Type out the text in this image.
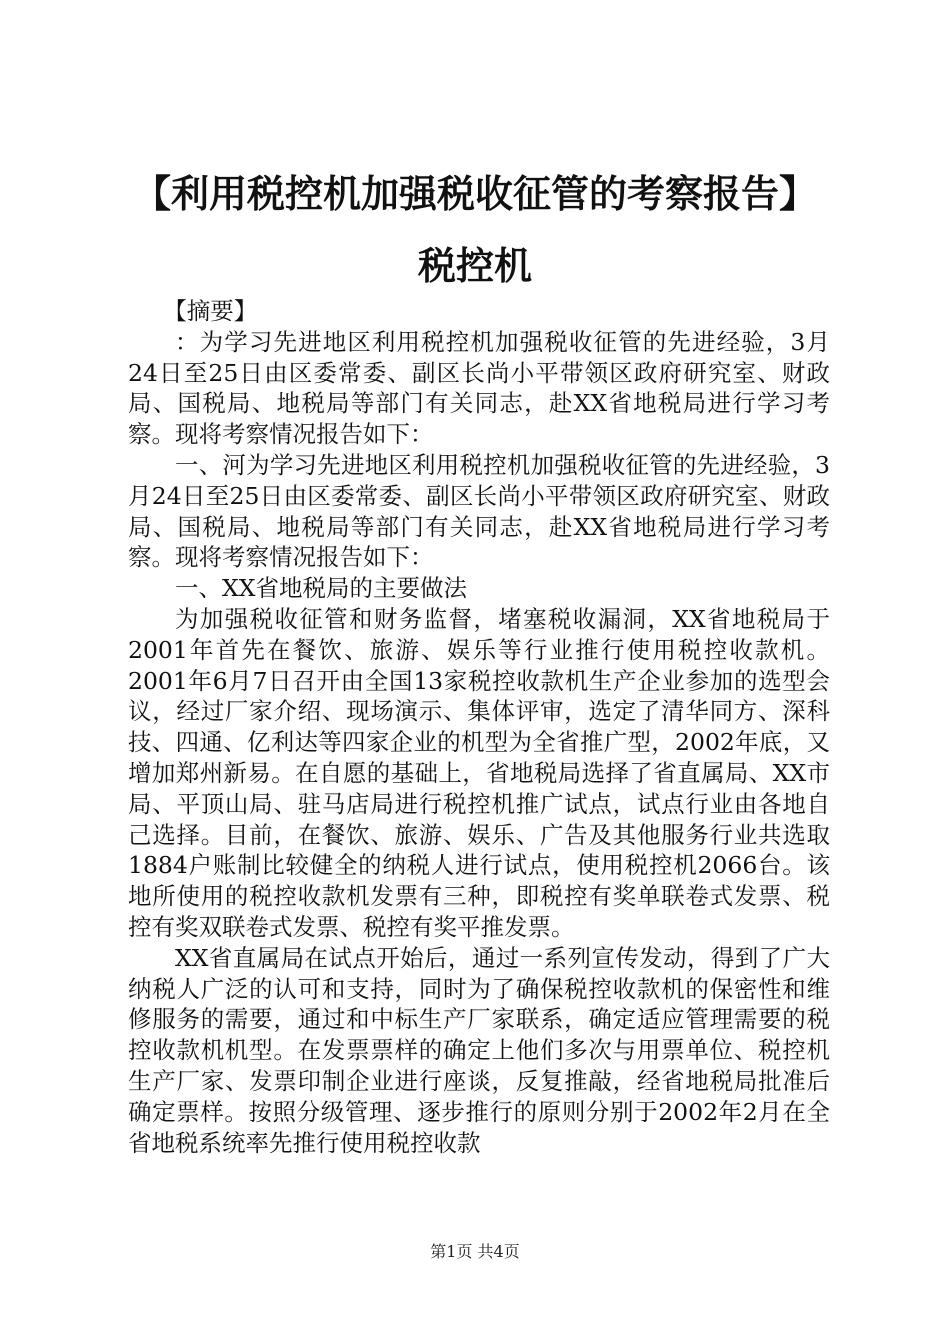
【利用税控机加强税收征管的考察报告】税控机

【摘要】

：为学习先进地区利用税控机加强税收征管的先进经验，3月24日至25日由区委常委、副区长尚小平带领区政府研究室、财政局、国税局、地税局等部门有关同志，赴XX省地税局进行学习考察。现将考察情况报告如下：

一、河为学习先进地区利用税控机加强税收征管的先进经验，3月24日至25日由区委常委、副区长尚小平带领区政府研究室、财政局、国税局、地税局等部门有关同志，赴XX省地税局进行学习考察。现将考察情况报告如下：

一、XX省地税局的主要做法

为加强税收征管和财务监督，堵塞税收漏洞，XX省地税局于2001年首先在餐饮、旅游、娱乐等行业推行使用税控收款机。2001年6月7日召开由全国13家税控收款机生产企业参加的选型会议，经过厂家介绍、现场演示、集体评审，选定了清华同方、深科技、四通、亿利达等四家企业的机型为全省推广型，2002年底，又增加郑州新易。在自愿的基础上，省地税局选择了省直属局、XX市局、平顶山局、驻马店局进行税控机推广试点，试点行业由各地自己选择。目前，在餐饮、旅游、娱乐、广告及其他服务行业共选取1884户账制比较健全的纳税人进行试点，使用税控机2066台。该地所使用的税控收款机发票有三种，即税控有奖单联卷式发票、税控有奖双联卷式发票、税控有奖平推发票。

XX省直属局在试点开始后，通过一系列宣传发动，得到了广大纳税人广泛的认可和支持，同时为了确保税控收款机的保密性和维修服务的需要，通过和中标生产厂家联系，确定适应管理需要的税控收款机机型。在发票票样的确定上他们多次与用票单位、税控机生产厂家、发票印制企业进行座谈，反复推敲，经省地税局批准后确定票样。按照分级管理、逐步推行的原则分别于2002年2月在全省地税系统率先推行使用税控收款

第1页 共4页
